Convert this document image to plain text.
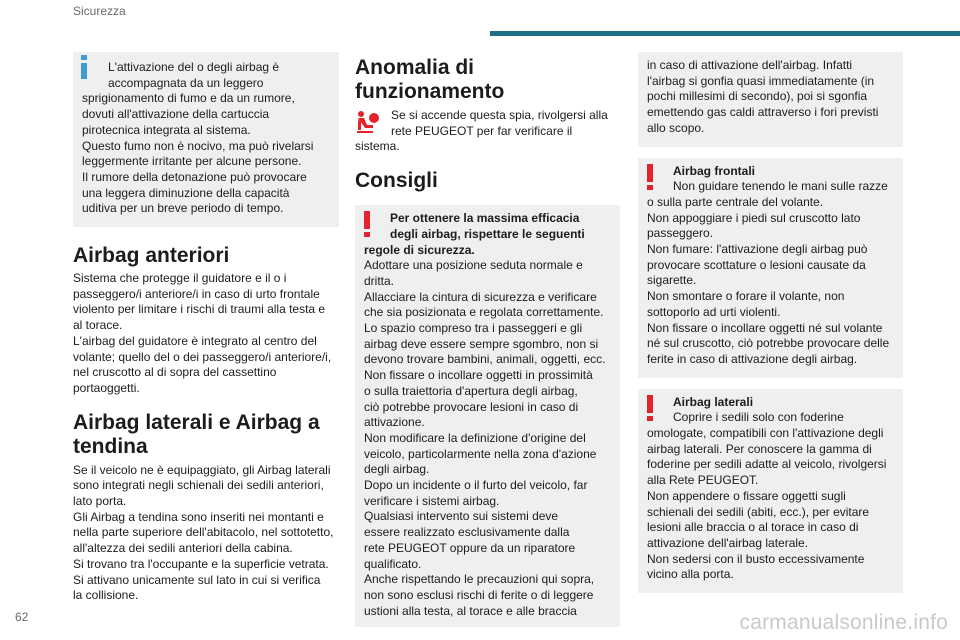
Sicurezza
L'attivazione del o degli airbag è
accompagnata da un leggero
sprigionamento di fumo e da un rumore,
dovuti all'attivazione della cartuccia
pirotecnica integrata al sistema.
Questo fumo non è nocivo, ma può rivelarsi
leggermente irritante per alcune persone.
Il rumore della detonazione può provocare
una leggera diminuzione della capacità
uditiva per un breve periodo di tempo.
Airbag anteriori
Sistema che protegge il guidatore e il o i
passeggero/i anteriore/i in caso di urto frontale
violento per limitare i rischi di traumi alla testa e
al torace.
L'airbag del guidatore è integrato al centro del
volante; quello del o dei passeggero/i anteriore/i,
nel cruscotto al di sopra del cassettino
portaoggetti.
Airbag laterali e Airbag a
tendina
Se il veicolo ne è equipaggiato, gli Airbag laterali
sono integrati negli schienali dei sedili anteriori,
lato porta.
Gli Airbag a tendina sono inseriti nei montanti e
nella parte superiore dell'abitacolo, nel sottotetto,
all'altezza dei sedili anteriori della cabina.
Si trovano tra l'occupante e la superficie vetrata.
Si attivano unicamente sul lato in cui si verifica
la collisione.
Anomalia di funzionamento
Se si accende questa spia, rivolgersi alla
rete PEUGEOT per far verificare il
sistema.
Consigli
Per ottenere la massima efficacia
degli airbag, rispettare le seguenti
regole di sicurezza.
Adottare una posizione seduta normale e
dritta.
Allacciare la cintura di sicurezza e verificare
che sia posizionata e regolata correttamente.
Lo spazio compreso tra i passeggeri e gli
airbag deve essere sempre sgombro, non si
devono trovare bambini, animali, oggetti, ecc.
Non fissare o incollare oggetti in prossimità
o sulla traiettoria d'apertura degli airbag,
ciò potrebbe provocare lesioni in caso di
attivazione.
Non modificare la definizione d'origine del
veicolo, particolarmente nella zona d'azione
degli airbag.
Dopo un incidente o il furto del veicolo, far
verificare i sistemi airbag.
Qualsiasi intervento sui sistemi deve
essere realizzato esclusivamente dalla
rete PEUGEOT oppure da un riparatore
qualificato.
Anche rispettando le precauzioni qui sopra,
non sono esclusi rischi di ferite o di leggere
ustioni alla testa, al torace e alle braccia
in caso di attivazione dell'airbag. Infatti
l'airbag si gonfia quasi immediatamente (in
pochi millesimi di secondo), poi si sgonfia
emettendo gas caldi attraverso i fori previsti
allo scopo.
Airbag frontali
Non guidare tenendo le mani sulle razze
o sulla parte centrale del volante.
Non appoggiare i piedi sul cruscotto lato
passeggero.
Non fumare: l'attivazione degli airbag può
provocare scottature o lesioni causate da
sigarette.
Non smontare o forare il volante, non
sottoporlo ad urti violenti.
Non fissare o incollare oggetti né sul volante
né sul cruscotto, ciò potrebbe provocare delle
ferite in caso di attivazione degli airbag.
Airbag laterali
Coprire i sedili solo con foderine
omologate, compatibili con l'attivazione degli
airbag laterali. Per conoscere la gamma di
foderine per sedili adatte al veicolo, rivolgersi
alla Rete PEUGEOT.
Non appendere o fissare oggetti sugli
schienali dei sedili (abiti, ecc.), per evitare
lesioni alle braccia o al torace in caso di
attivazione dell'airbag laterale.
Non sedersi con il busto eccessivamente
vicino alla porta.
62	carmanualsonline.info
